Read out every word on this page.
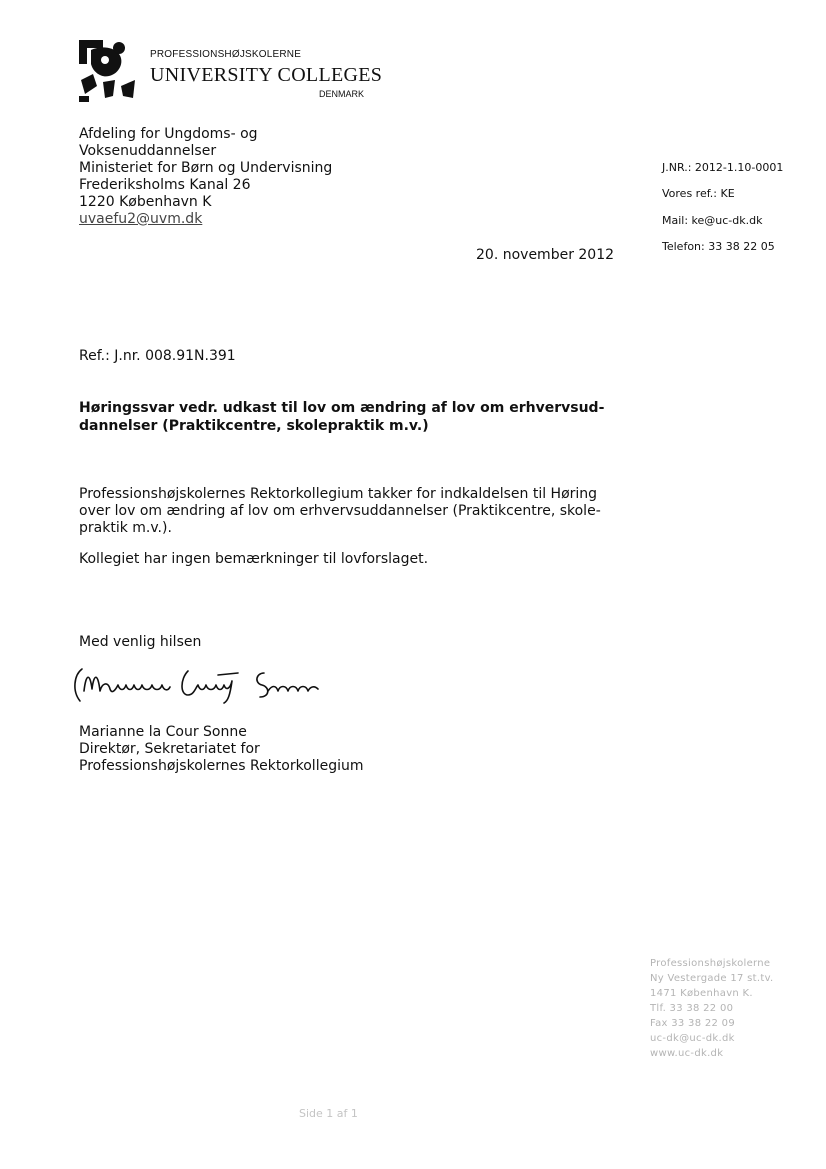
PROFESSIONSHØJSKOLERNE
UNIVERSITY COLLEGES
DENMARK
Afdeling for Ungdoms- og
Voksenuddannelser
Ministeriet for Børn og Undervisning
Frederiksholms Kanal 26
1220 København K
uvaefu2@uvm.dk
J.NR.: 2012-1.10-0001
Vores ref.: KE
Mail: ke@uc-dk.dk
Telefon: 33 38 22 05
20. november 2012
Ref.: J.nr. 008.91N.391
Høringssvar vedr. udkast til lov om ændring af lov om erhvervsud-
dannelser (Praktikcentre, skolepraktik m.v.)
Professionshøjskolernes Rektorkollegium takker for indkaldelsen til Høring
over lov om ændring af lov om erhvervsuddannelser (Praktikcentre, skole-
praktik m.v.).
Kollegiet har ingen bemærkninger til lovforslaget.
Med venlig hilsen
Marianne la Cour Sonne
Direktør, Sekretariatet for
Professionshøjskolernes Rektorkollegium
Professionshøjskolerne
Ny Vestergade 17 st.tv.
1471 København K.
Tlf. 33 38 22 00
Fax 33 38 22 09
uc-dk@uc-dk.dk
www.uc-dk.dk
Side 1 af 1
